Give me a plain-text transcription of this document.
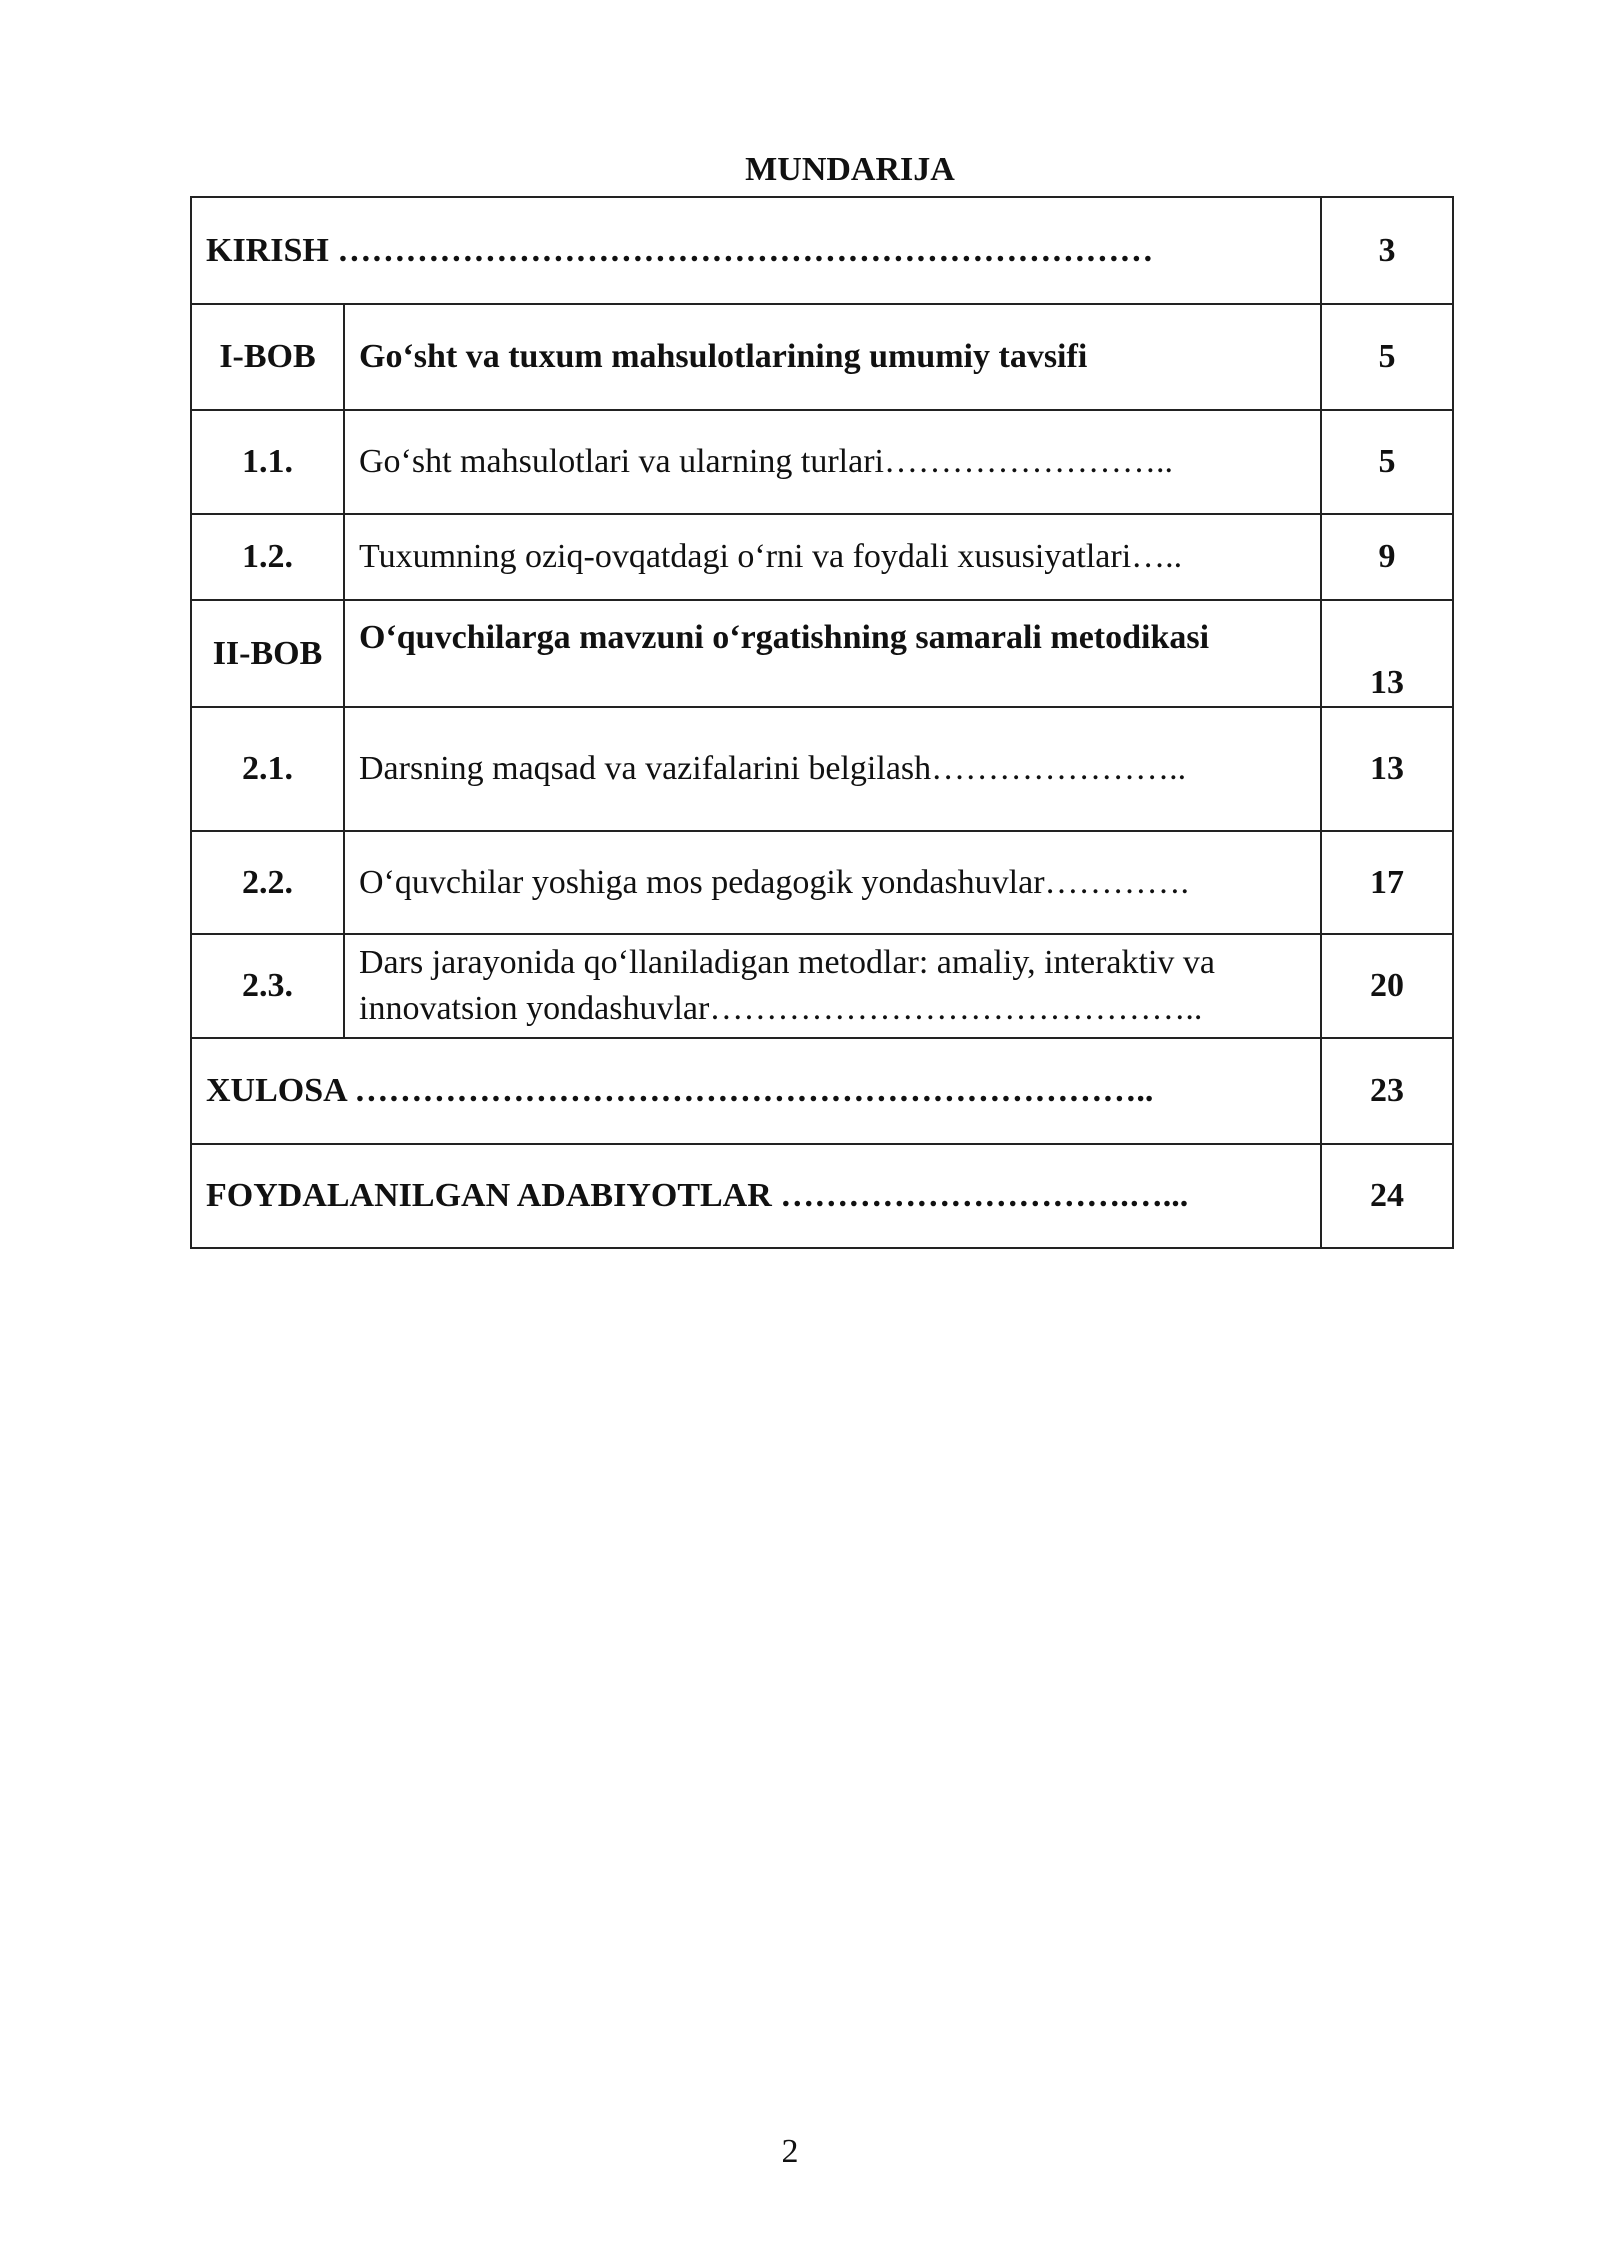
MUNDARIJA
KIRISH ………………………………………………………………		3
I-BOB	Go‘sht va tuxum mahsulotlarining umumiy tavsifi	5
1.1.	Go‘sht mahsulotlari va ularning turlari……………………..	5
1.2.	Tuxumning oziq-ovqatdagi o‘rni va foydali xususiyatlari…..	9
II-BOB	O‘quvchilarga mavzuni o‘rgatishning samarali metodikasi	13
2.1.	Darsning maqsad va vazifalarini belgilash…………………..	13
2.2.	O‘quvchilar yoshiga mos pedagogik yondashuvlar………….	17
2.3.	Dars jarayonida qo‘llaniladigan metodlar: amaliy, interaktiv va
innovatsion yondashuvlar……………………………………..	20
XULOSA ……………………………………………………………..		23
FOYDALANILGAN ADABIYOTLAR ………………………….…...		24
2
